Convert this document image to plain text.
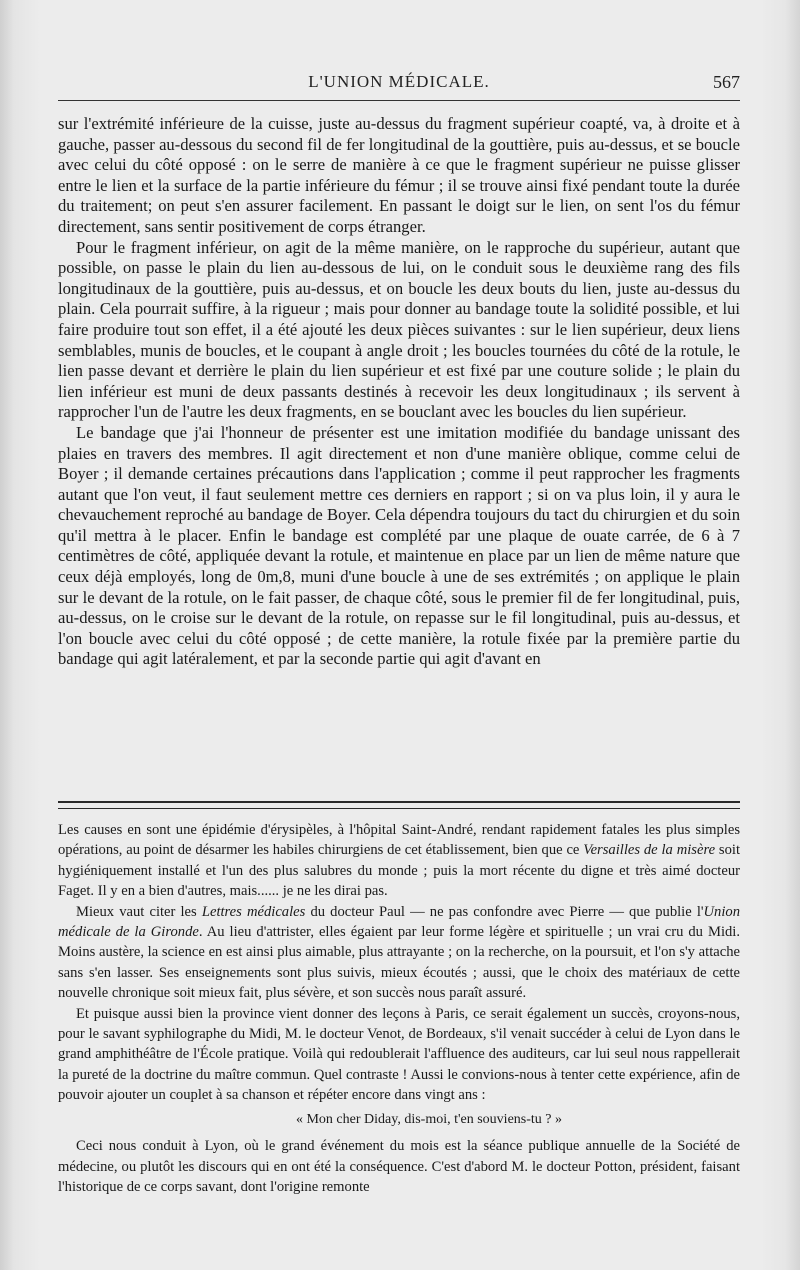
L'UNION MÉDICALE.	567

sur l'extrémité inférieure de la cuisse, juste au-dessus du fragment supérieur coapté, va, à droite et à gauche, passer au-dessous du second fil de fer longitudinal de la gouttière, puis au-dessus, et se boucle avec celui du côté opposé : on le serre de manière à ce que le fragment supérieur ne puisse glisser entre le lien et la surface de la partie inférieure du fémur ; il se trouve ainsi fixé pendant toute la durée du traitement; on peut s'en assurer facilement. En passant le doigt sur le lien, on sent l'os du fémur directement, sans sentir positivement de corps étranger.

Pour le fragment inférieur, on agit de la même manière, on le rapproche du supérieur, autant que possible, on passe le plain du lien au-dessous de lui, on le conduit sous le deuxième rang des fils longitudinaux de la gouttière, puis au-dessus, et on boucle les deux bouts du lien, juste au-dessus du plain. Cela pourrait suffire, à la rigueur ; mais pour donner au bandage toute la solidité possible, et lui faire produire tout son effet, il a été ajouté les deux pièces suivantes : sur le lien supérieur, deux liens semblables, munis de boucles, et le coupant à angle droit ; les boucles tournées du côté de la rotule, le lien passe devant et derrière le plain du lien supérieur et est fixé par une couture solide ; le plain du lien inférieur est muni de deux passants destinés à recevoir les deux longitudinaux ; ils servent à rapprocher l'un de l'autre les deux fragments, en se bouclant avec les boucles du lien supérieur.

Le bandage que j'ai l'honneur de présenter est une imitation modifiée du bandage unissant des plaies en travers des membres. Il agit directement et non d'une manière oblique, comme celui de Boyer ; il demande certaines précautions dans l'application ; comme il peut rapprocher les fragments autant que l'on veut, il faut seulement mettre ces derniers en rapport ; si on va plus loin, il y aura le chevauchement reproché au bandage de Boyer. Cela dépendra toujours du tact du chirurgien et du soin qu'il mettra à le placer. Enfin le bandage est complété par une plaque de ouate carrée, de 6 à 7 centimètres de côté, appliquée devant la rotule, et maintenue en place par un lien de même nature que ceux déjà employés, long de 0m,8, muni d'une boucle à une de ses extrémités ; on applique le plain sur le devant de la rotule, on le fait passer, de chaque côté, sous le premier fil de fer longitudinal, puis, au-dessus, on le croise sur le devant de la rotule, on repasse sur le fil longitudinal, puis au-dessus, et l'on boucle avec celui du côté opposé ; de cette manière, la rotule fixée par la première partie du bandage qui agit latéralement, et par la seconde partie qui agit d'avant en

Les causes en sont une épidémie d'érysipèles, à l'hôpital Saint-André, rendant rapidement fatales les plus simples opérations, au point de désarmer les habiles chirurgiens de cet établissement, bien que ce Versailles de la misère soit hygiéniquement installé et l'un des plus salubres du monde ; puis la mort récente du digne et très aimé docteur Faget. Il y en a bien d'autres, mais...... je ne les dirai pas.

Mieux vaut citer les Lettres médicales du docteur Paul — ne pas confondre avec Pierre — que publie l'Union médicale de la Gironde. Au lieu d'attrister, elles égaient par leur forme légère et spirituelle ; un vrai cru du Midi. Moins austère, la science en est ainsi plus aimable, plus attrayante ; on la recherche, on la poursuit, et l'on s'y attache sans s'en lasser. Ses enseignements sont plus suivis, mieux écoutés ; aussi, que le choix des matériaux de cette nouvelle chronique soit mieux fait, plus sévère, et son succès nous paraît assuré.

Et puisque aussi bien la province vient donner des leçons à Paris, ce serait également un succès, croyons-nous, pour le savant syphilographe du Midi, M. le docteur Venot, de Bordeaux, s'il venait succéder à celui de Lyon dans le grand amphithéâtre de l'École pratique. Voilà qui redoublerait l'affluence des auditeurs, car lui seul nous rappellerait la pureté de la doctrine du maître commun. Quel contraste ! Aussi le convions-nous à tenter cette expérience, afin de pouvoir ajouter un couplet à sa chanson et répéter encore dans vingt ans :

« Mon cher Diday, dis-moi, t'en souviens-tu ? »

Ceci nous conduit à Lyon, où le grand événement du mois est la séance publique annuelle de la Société de médecine, ou plutôt les discours qui en ont été la conséquence. C'est d'abord M. le docteur Potton, président, faisant l'historique de ce corps savant, dont l'origine remonte
